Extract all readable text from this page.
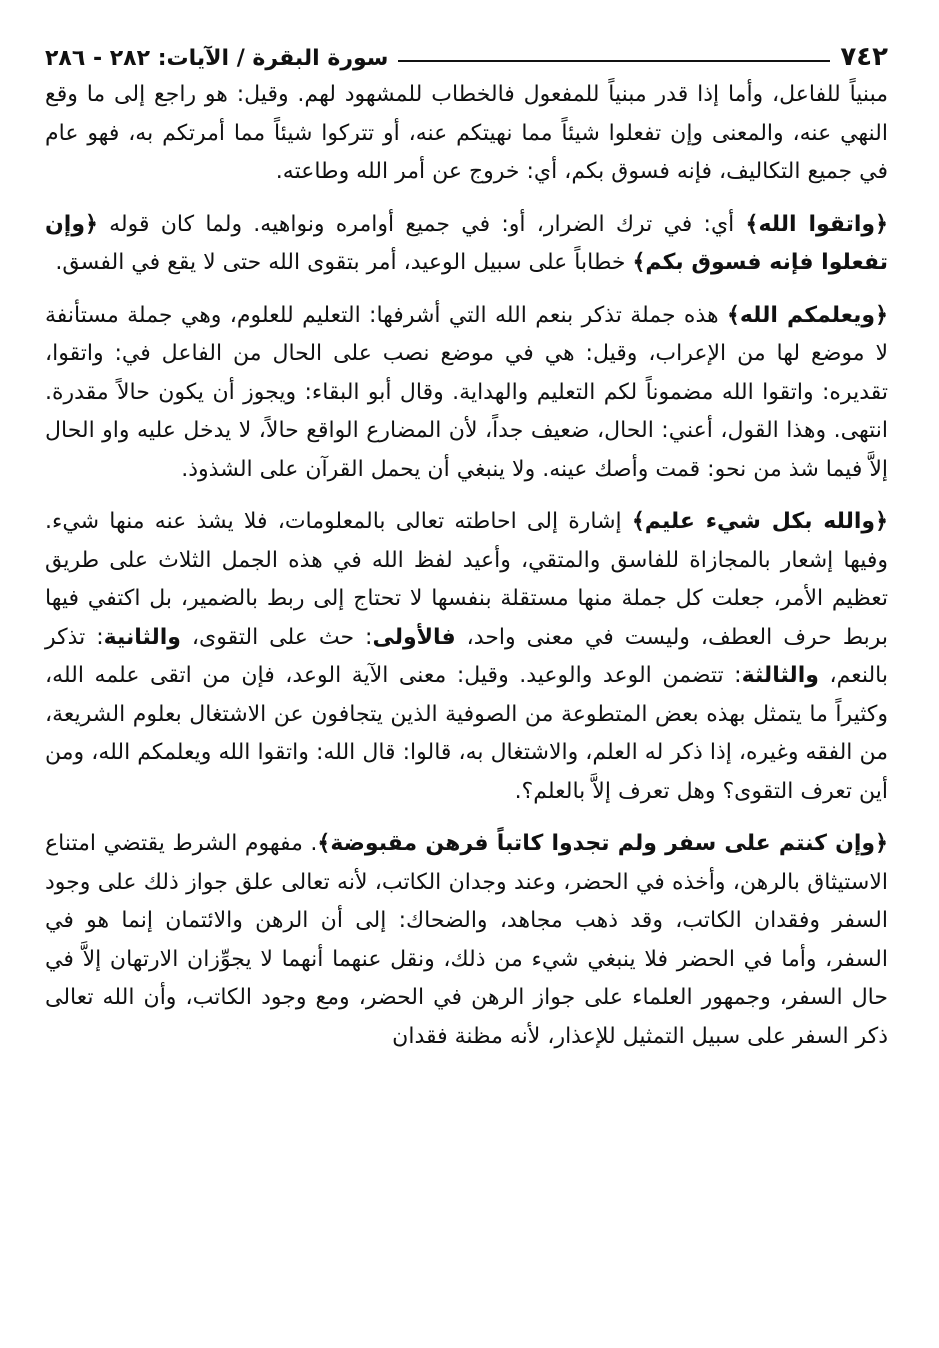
٧٤٢
سورة البقرة / الآيات: ٢٨٢ - ٢٨٦

مبنياً للفاعل، وأما إذا قدر مبنياً للمفعول فالخطاب للمشهود لهم. وقيل: هو راجع إلى ما وقع النهي عنه، والمعنى وإن تفعلوا شيئاً مما نهيتكم عنه، أو تتركوا شيئاً مما أمرتكم به، فهو عام في جميع التكاليف، فإنه فسوق بكم، أي: خروج عن أمر الله وطاعته.

﴿واتقوا الله﴾ أي: في ترك الضرار، أو: في جميع أوامره ونواهيه. ولما كان قوله ﴿وإن تفعلوا فإنه فسوق بكم﴾ خطاباً على سبيل الوعيد، أمر بتقوى الله حتى لا يقع في الفسق.

﴿ويعلمكم الله﴾ هذه جملة تذكر بنعم الله التي أشرفها: التعليم للعلوم، وهي جملة مستأنفة لا موضع لها من الإعراب، وقيل: هي في موضع نصب على الحال من الفاعل في: واتقوا، تقديره: واتقوا الله مضموناً لكم التعليم والهداية. وقال أبو البقاء: ويجوز أن يكون حالاً مقدرة. انتهى. وهذا القول، أعني: الحال، ضعيف جداً، لأن المضارع الواقع حالاً، لا يدخل عليه واو الحال إلاَّ فيما شذ من نحو: قمت وأصك عينه. ولا ينبغي أن يحمل القرآن على الشذوذ.

﴿والله بكل شيء عليم﴾ إشارة إلى احاطته تعالى بالمعلومات، فلا يشذ عنه منها شيء. وفيها إشعار بالمجازاة للفاسق والمتقي، وأعيد لفظ الله في هذه الجمل الثلاث على طريق تعظيم الأمر، جعلت كل جملة منها مستقلة بنفسها لا تحتاج إلى ربط بالضمير، بل اكتفي فيها بربط حرف العطف، وليست في معنى واحد، فالأولى: حث على التقوى، والثانية: تذكر بالنعم، والثالثة: تتضمن الوعد والوعيد. وقيل: معنى الآية الوعد، فإن من اتقى علمه الله، وكثيراً ما يتمثل بهذه بعض المتطوعة من الصوفية الذين يتجافون عن الاشتغال بعلوم الشريعة، من الفقه وغيره، إذا ذكر له العلم، والاشتغال به، قالوا: قال الله: واتقوا الله ويعلمكم الله، ومن أين تعرف التقوى؟ وهل تعرف إلاَّ بالعلم؟.

﴿وإن كنتم على سفر ولم تجدوا كاتباً فرهن مقبوضة﴾. مفهوم الشرط يقتضي امتناع الاستيثاق بالرهن، وأخذه في الحضر، وعند وجدان الكاتب، لأنه تعالى علق جواز ذلك على وجود السفر وفقدان الكاتب، وقد ذهب مجاهد، والضحاك: إلى أن الرهن والائتمان إنما هو في السفر، وأما في الحضر فلا ينبغي شيء من ذلك، ونقل عنهما أنهما لا يجوِّزان الارتهان إلاَّ في حال السفر، وجمهور العلماء على جواز الرهن في الحضر، ومع وجود الكاتب، وأن الله تعالى ذكر السفر على سبيل التمثيل للإعذار، لأنه مظنة فقدان
